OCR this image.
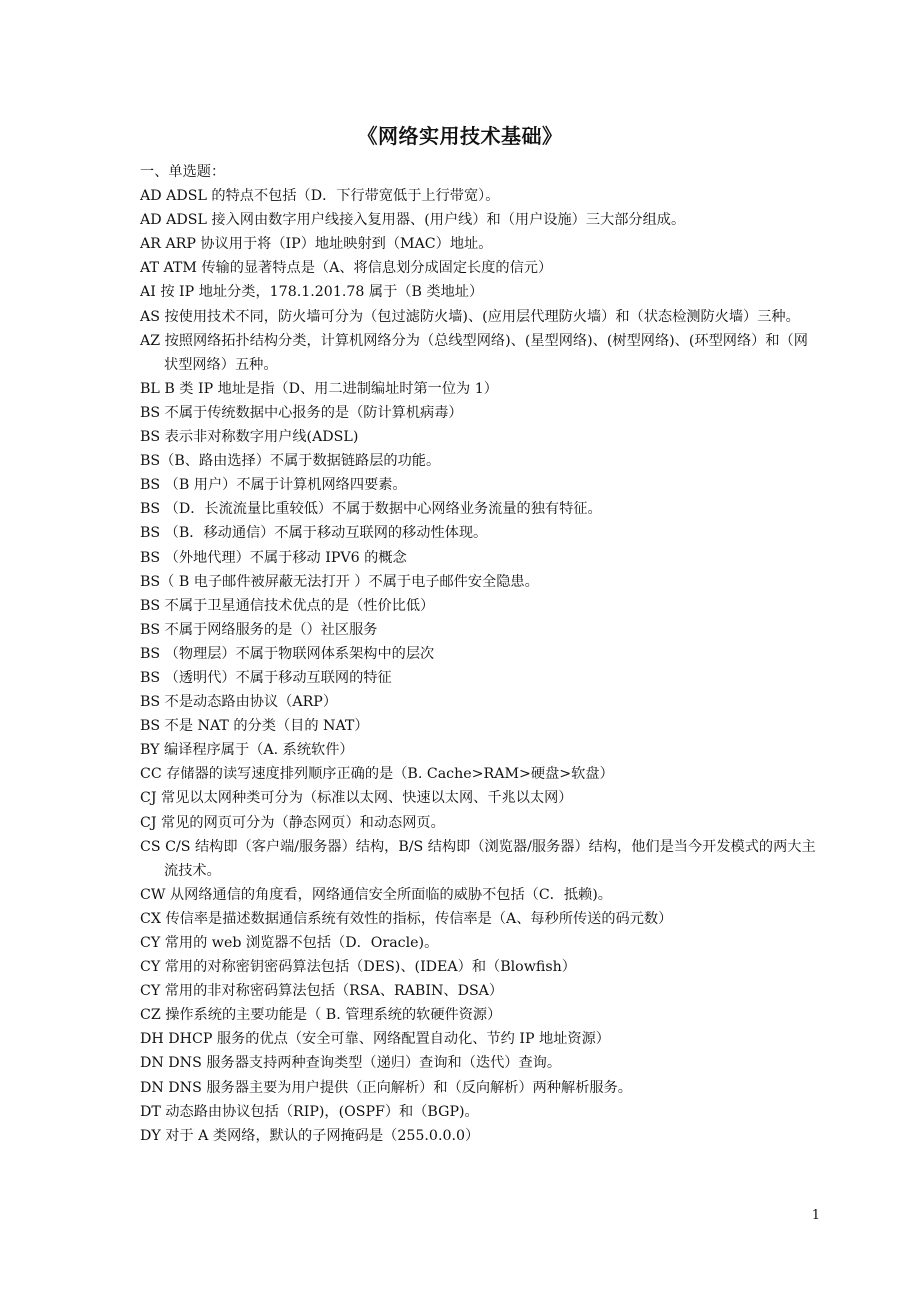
《网络实用技术基础》

一、单选题：

AD ADSL 的特点不包括（D．下行带宽低于上行带宽）。

AD ADSL 接入网由数字用户线接入复用器、(用户线）和（用户设施）三大部分组成。

AR ARP 协议用于将（IP）地址映射到（MAC）地址。

AT ATM 传输的显著特点是（A、将信息划分成固定长度的信元）

AI 按 IP 地址分类，178.1.201.78 属于（B 类地址）

AS 按使用技术不同，防火墙可分为（包过滤防火墙)、(应用层代理防火墙）和（状态检测防火墙）三种。

AZ 按照网络拓扑结构分类，计算机网络分为（总线型网络)、(星型网络)、(树型网络)、(环型网络）和（网状型网络）五种。

BL B 类 IP 地址是指（D、用二进制编址时第一位为 1）

BS 不属于传统数据中心报务的是（防计算机病毒）

BS 表示非对称数字用户线(ADSL)

BS（B、路由选择）不属于数据链路层的功能。

BS （B 用户）不属于计算机网络四要素。

BS （D．长流流量比重较低）不属于数据中心网络业务流量的独有特征。

BS （B．移动通信）不属于移动互联网的移动性体现。

BS （外地代理）不属于移动 IPV6 的概念

BS（ B 电子邮件被屏蔽无法打开 ）不属于电子邮件安全隐患。

BS 不属于卫星通信技术优点的是（性价比低）

BS 不属于网络服务的是（）社区服务

BS （物理层）不属于物联网体系架构中的层次

BS （透明代）不属于移动互联网的特征

BS 不是动态路由协议（ARP）

BS 不是 NAT 的分类（目的 NAT）

BY 编译程序属于（A. 系统软件）

CC 存储器的读写速度排列顺序正确的是（B. Cache>RAM>硬盘>软盘）

CJ 常见以太网种类可分为（标准以太网、快速以太网、千兆以太网）

CJ 常见的网页可分为（静态网页）和动态网页。

CS C/S 结构即（客户端/服务器）结构，B/S 结构即（浏览器/服务器）结构，他们是当今开发模式的两大主流技术。

CW 从网络通信的角度看，网络通信安全所面临的威胁不包括（C．抵赖)。

CX 传信率是描述数据通信系统有效性的指标，传信率是（A、每秒所传送的码元数）

CY 常用的 web 浏览器不包括（D．Oracle)。

CY 常用的对称密钥密码算法包括（DES)、(IDEA）和（Blowfish）

CY 常用的非对称密码算法包括（RSA、RABIN、DSA）

CZ 操作系统的主要功能是（ B. 管理系统的软硬件资源）

DH DHCP 服务的优点（安全可靠、网络配置自动化、节约 IP 地址资源）

DN DNS 服务器支持两种查询类型（递归）查询和（迭代）查询。

DN DNS 服务器主要为用户提供（正向解析）和（反向解析）两种解析服务。

DT 动态路由协议包括（RIP)，(OSPF）和（BGP)。

DY 对于 A 类网络，默认的子网掩码是（255.0.0.0）

1
